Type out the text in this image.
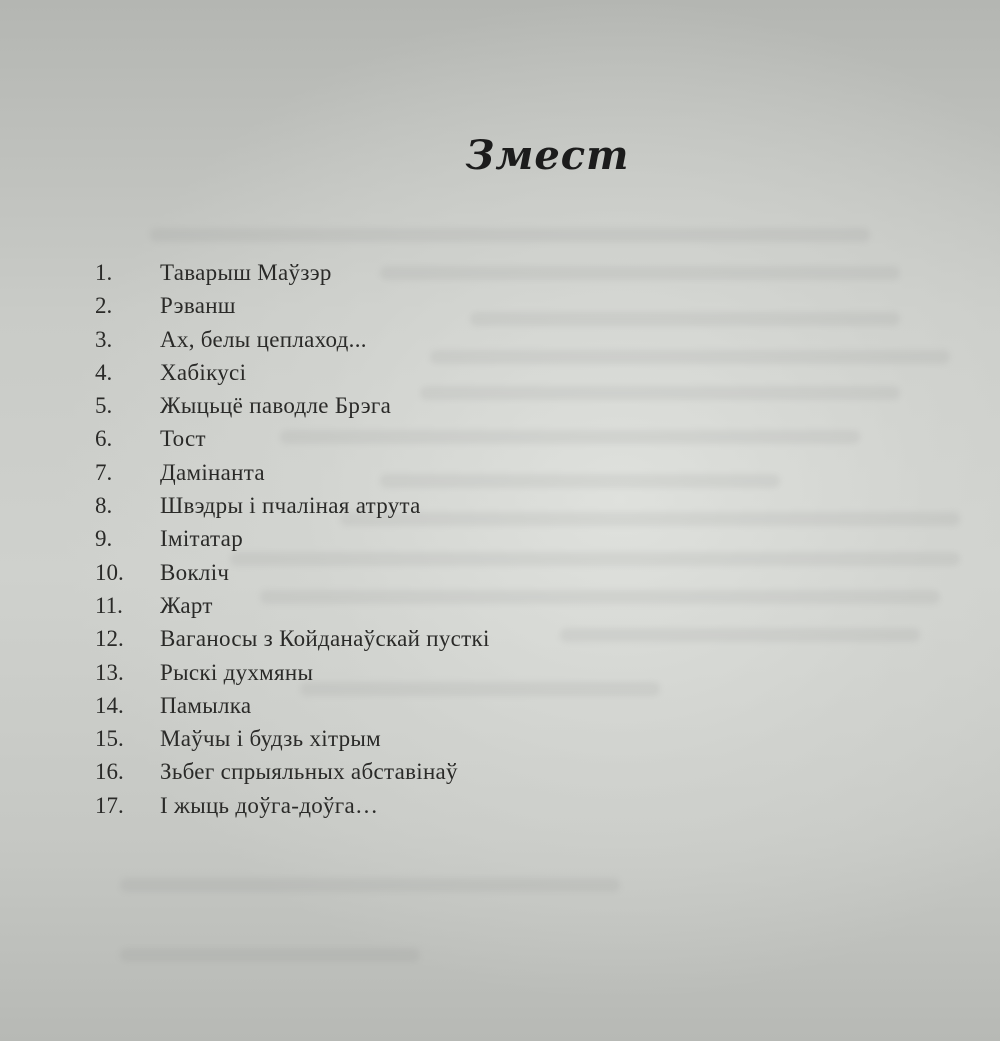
Змест
1.	Таварыш Маўзэр
2.	Рэванш
3.	Ах, белы цеплаход...
4.	Хабікусі
5.	Жыцьцё паводле Брэга
6.	Тост
7.	Дамінанта
8.	Швэдры і пчаліная атрута
9.	Імітатар
10.	Вокліч
11.	Жарт
12.	Ваганосы з Койданаўскай пусткі
13.	Рыскі духмяны
14.	Памылка
15.	Маўчы і будзь хітрым
16.	Зьбег спрыяльных абставінаў
17.	І жыць доўга-доўга…
